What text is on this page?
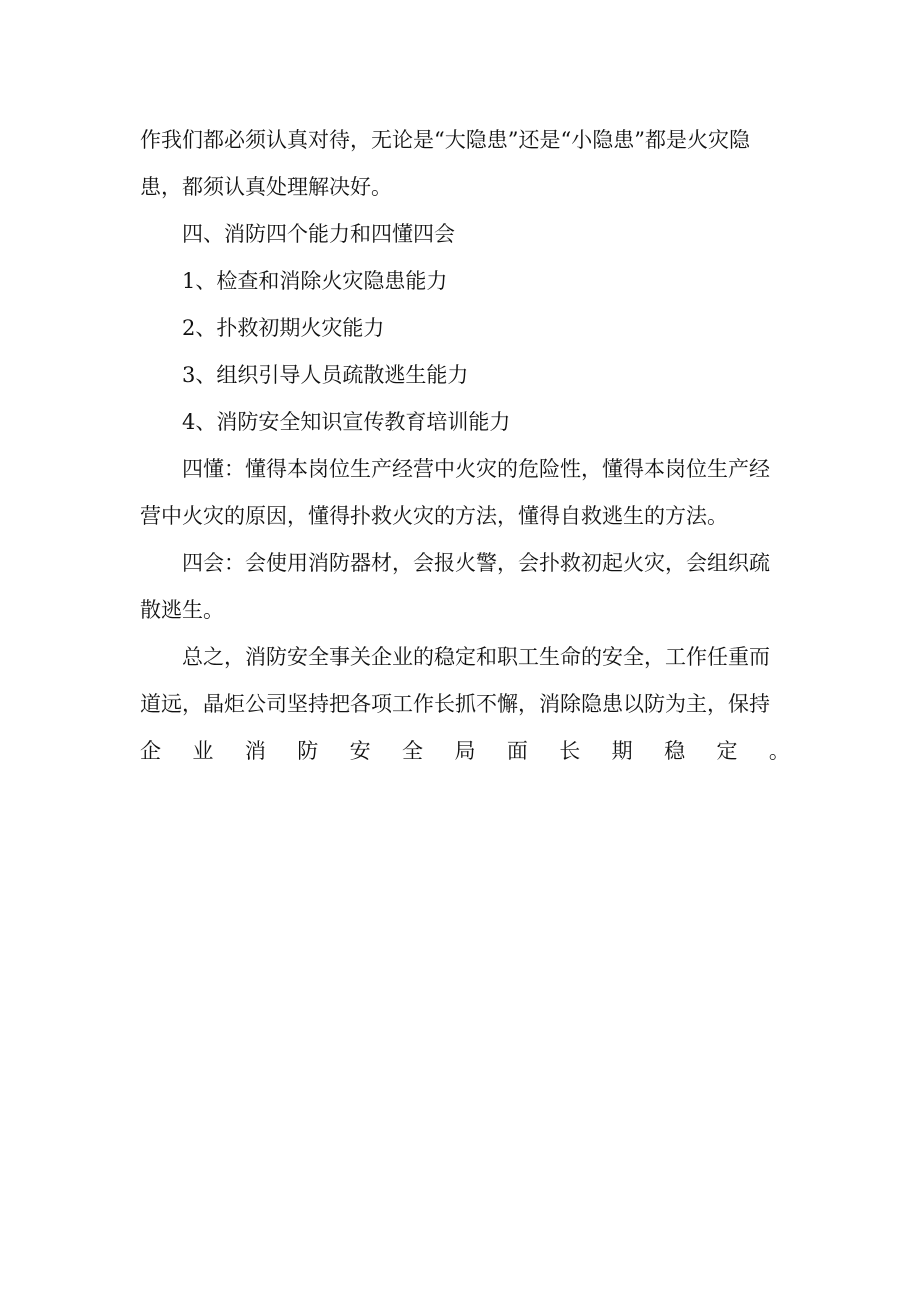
作我们都必须认真对待，无论是“大隐患”还是“小隐患”都是火灾隐患，都须认真处理解决好。

四、消防四个能力和四懂四会

1、检查和消除火灾隐患能力

2、扑救初期火灾能力

3、组织引导人员疏散逃生能力

4、消防安全知识宣传教育培训能力

四懂：懂得本岗位生产经营中火灾的危险性，懂得本岗位生产经营中火灾的原因，懂得扑救火灾的方法，懂得自救逃生的方法。

四会：会使用消防器材，会报火警，会扑救初起火灾，会组织疏散逃生。

总之，消防安全事关企业的稳定和职工生命的安全，工作任重而道远，晶炬公司坚持把各项工作长抓不懈，消除隐患以防为主，保持

企 业 消 防 安 全 局 面 长 期 稳 定 。
